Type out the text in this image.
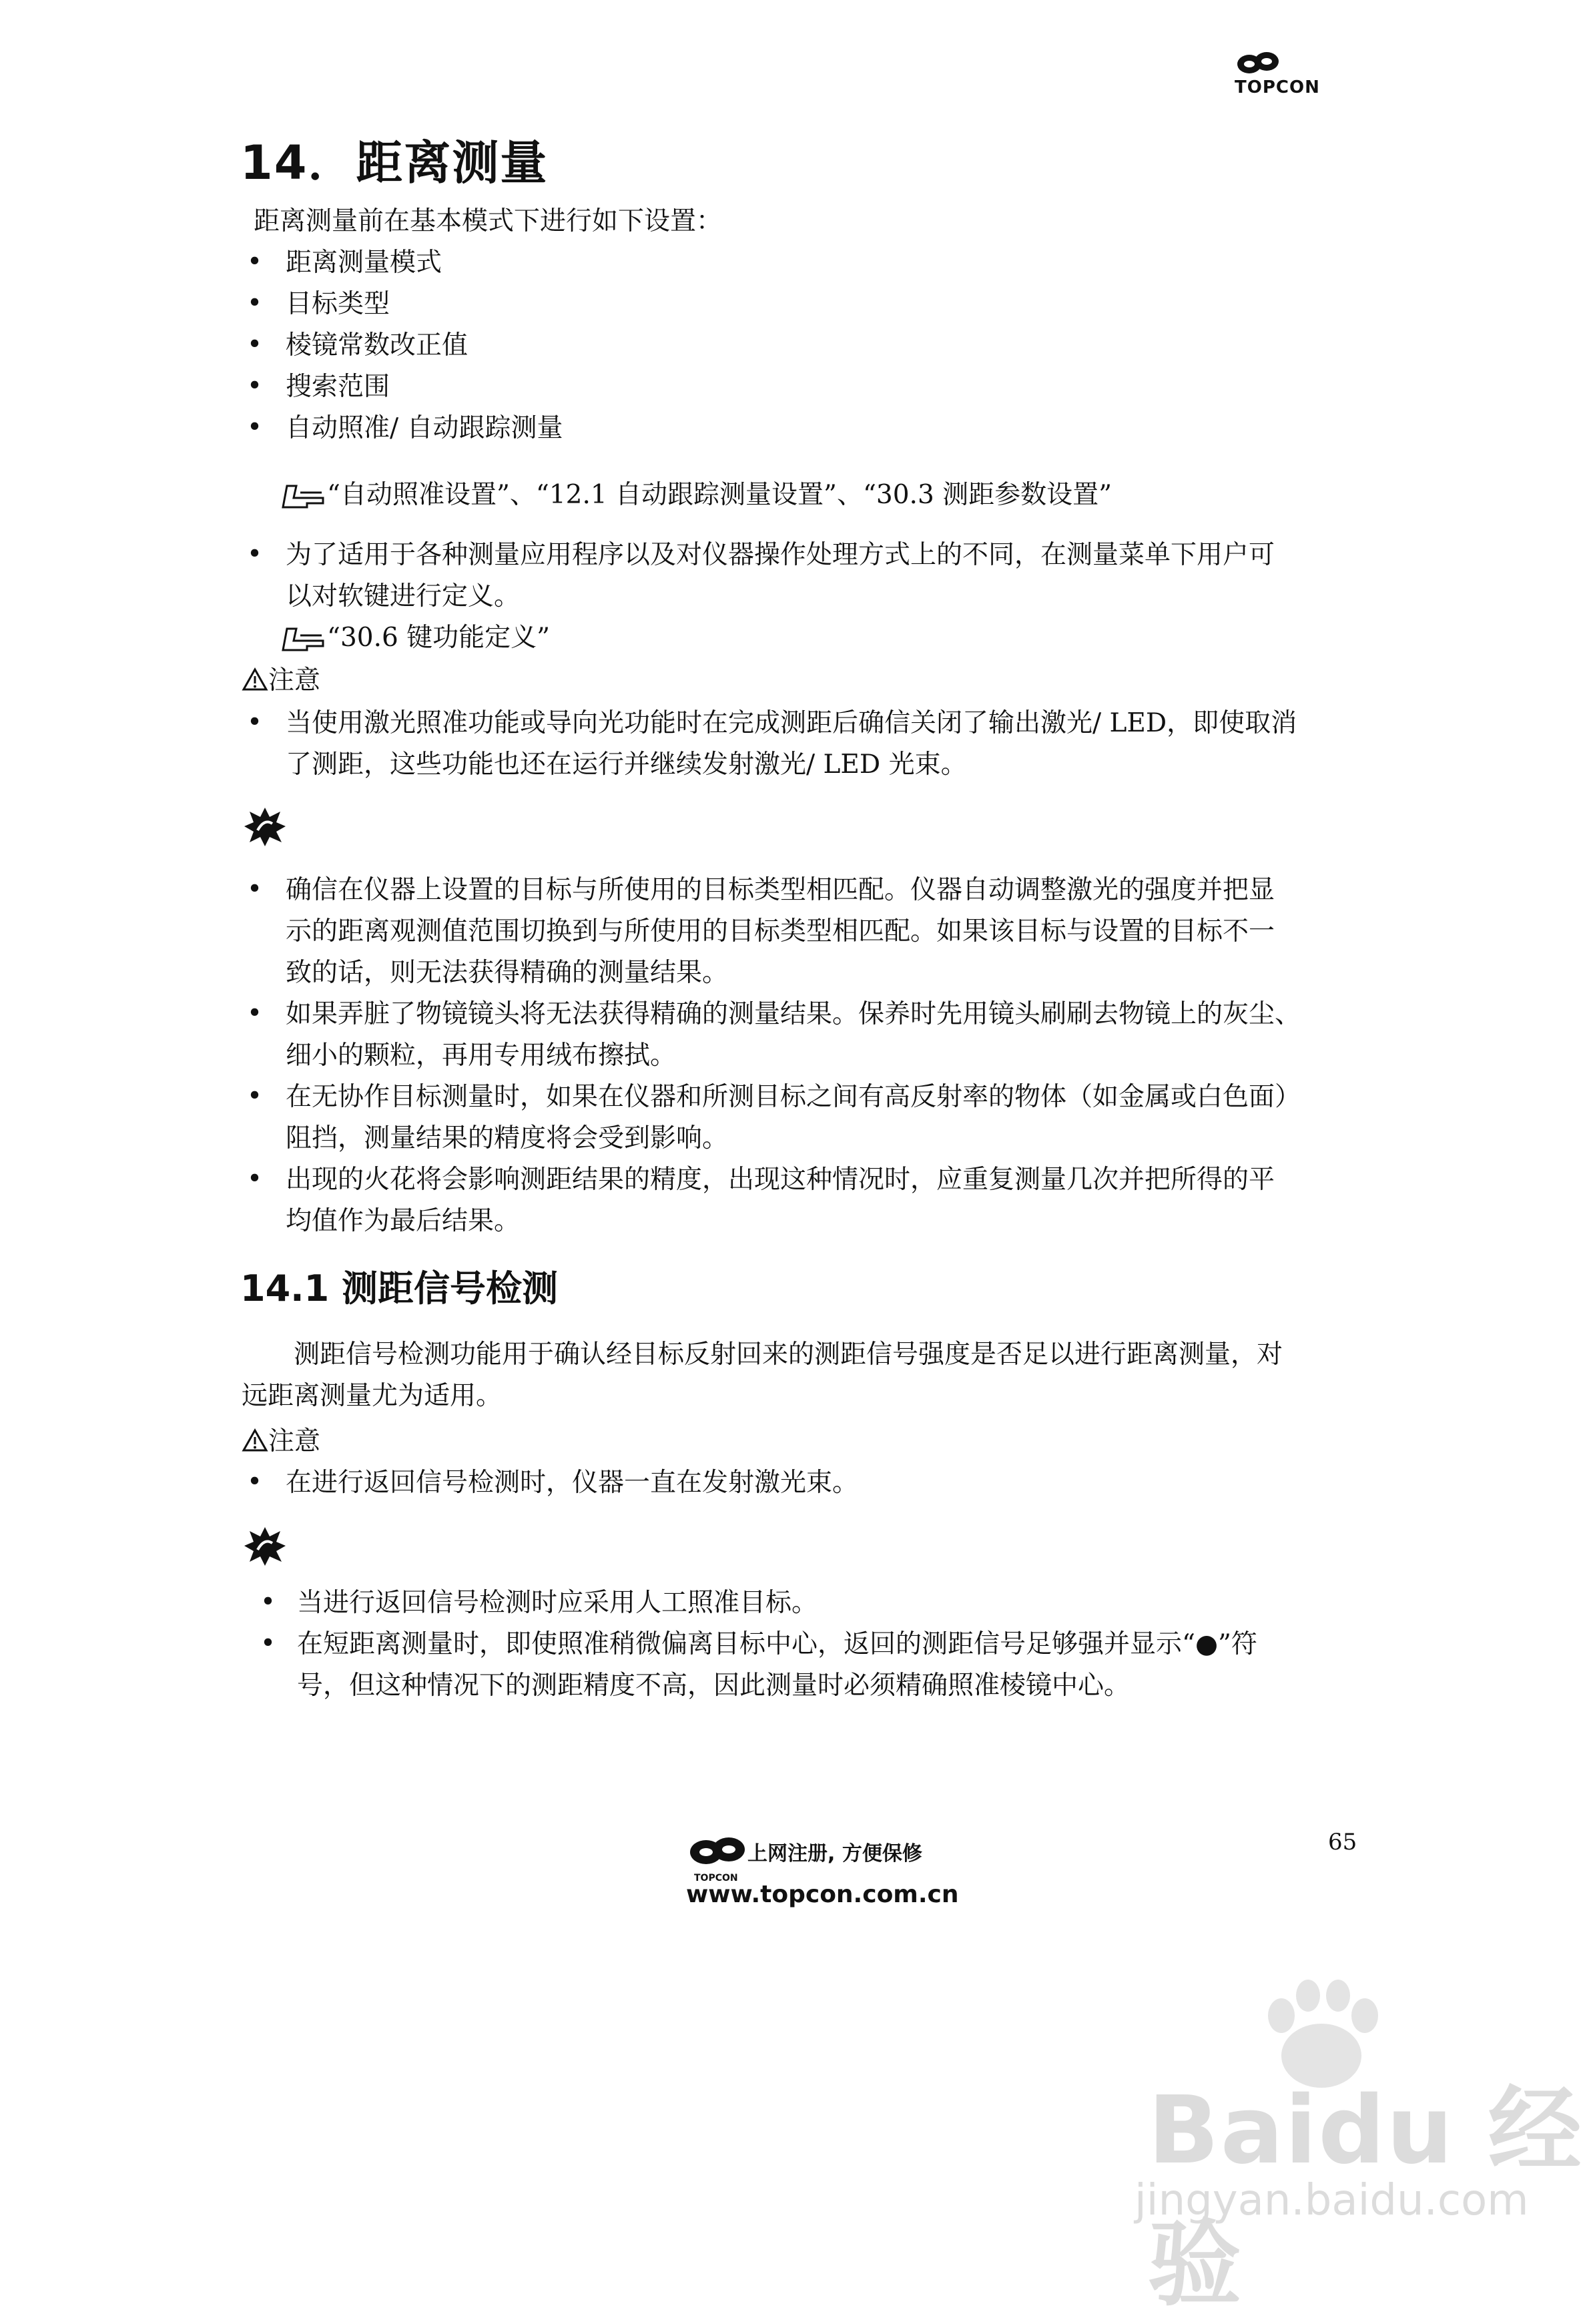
TOPCON
14．距离测量
距离测量前在基本模式下进行如下设置：
• 距离测量模式
• 目标类型
• 棱镜常数改正值
• 搜索范围
• 自动照准/ 自动跟踪测量
“自动照准设置”、“12.1 自动跟踪测量设置”、“30.3 测距参数设置”
• 为了适用于各种测量应用程序以及对仪器操作处理方式上的不同，在测量菜单下用户可
以对软键进行定义。
“30.6 键功能定义”
注意
• 当使用激光照准功能或导向光功能时在完成测距后确信关闭了输出激光/ LED，即使取消
了测距，这些功能也还在运行并继续发射激光/ LED 光束。
• 确信在仪器上设置的目标与所使用的目标类型相匹配。仪器自动调整激光的强度并把显
示的距离观测值范围切换到与所使用的目标类型相匹配。如果该目标与设置的目标不一
致的话，则无法获得精确的测量结果。
• 如果弄脏了物镜镜头将无法获得精确的测量结果。保养时先用镜头刷刷去物镜上的灰尘、
细小的颗粒，再用专用绒布擦拭。
• 在无协作目标测量时，如果在仪器和所测目标之间有高反射率的物体（如金属或白色面）
阻挡，测量结果的精度将会受到影响。
• 出现的火花将会影响测距结果的精度，出现这种情况时，应重复测量几次并把所得的平
均值作为最后结果。
14.1 测距信号检测
测距信号检测功能用于确认经目标反射回来的测距信号强度是否足以进行距离测量，对
远距离测量尤为适用。
注意
• 在进行返回信号检测时，仪器一直在发射激光束。
• 当进行返回信号检测时应采用人工照准目标。
• 在短距离测量时，即使照准稍微偏离目标中心，返回的测距信号足够强并显示“●”符
号，但这种情况下的测距精度不高，因此测量时必须精确照准棱镜中心。
上网注册, 方便保修
TOPCON
www.topcon.com.cn
65
Baidu 经验
jingyan.baidu.com
